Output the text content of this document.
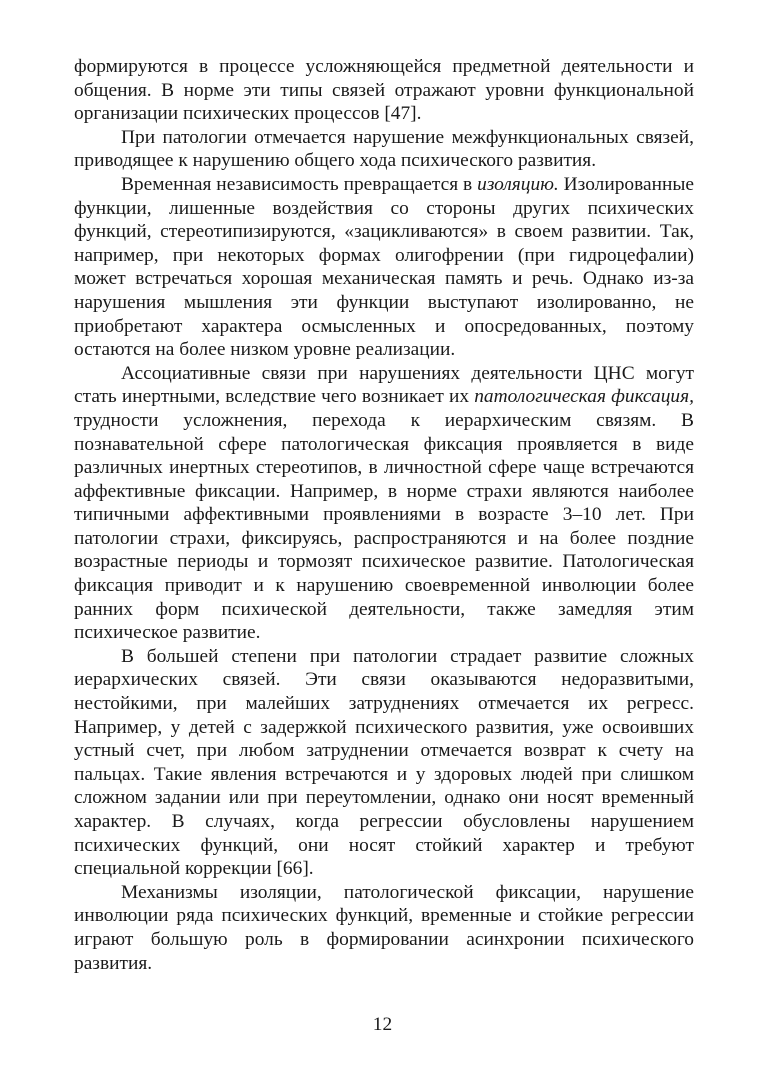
формируются в процессе усложняющейся предметной деятельности и общения. В норме эти типы связей отражают уровни функциональной организации психических процессов [47].

При патологии отмечается нарушение межфункциональных связей, приводящее к нарушению общего хода психического развития.

Временная независимость превращается в изоляцию. Изолированные функции, лишенные воздействия со стороны других психических функций, стереотипизируются, «зацикливаются» в своем развитии. Так, например, при некоторых формах олигофрении (при гидроцефалии) может встречаться хорошая механическая память и речь. Однако из-за нарушения мышления эти функции выступают изолированно, не приобретают характера осмысленных и опосредованных, поэтому остаются на более низком уровне реализации.

Ассоциативные связи при нарушениях деятельности ЦНС могут стать инертными, вследствие чего возникает их патологическая фиксация, трудности усложнения, перехода к иерархическим связям. В познавательной сфере патологическая фиксация проявляется в виде различных инертных стереотипов, в личностной сфере чаще встречаются аффективные фиксации. Например, в норме страхи являются наиболее типичными аффективными проявлениями в возрасте 3–10 лет. При патологии страхи, фиксируясь, распространяются и на более поздние возрастные периоды и тормозят психическое развитие. Патологическая фиксация приводит и к нарушению своевременной инволюции более ранних форм психической деятельности, также замедляя этим психическое развитие.

В большей степени при патологии страдает развитие сложных иерархических связей. Эти связи оказываются недоразвитыми, нестойкими, при малейших затруднениях отмечается их регресс. Например, у детей с задержкой психического развития, уже освоивших устный счет, при любом затруднении отмечается возврат к счету на пальцах. Такие явления встречаются и у здоровых людей при слишком сложном задании или при переутомлении, однако они носят временный характер. В случаях, когда регрессии обусловлены нарушением психических функций, они носят стойкий характер и требуют специальной коррекции [66].

Механизмы изоляции, патологической фиксации, нарушение инволюции ряда психических функций, временные и стойкие регрессии играют большую роль в формировании асинхронии психического развития.

12
